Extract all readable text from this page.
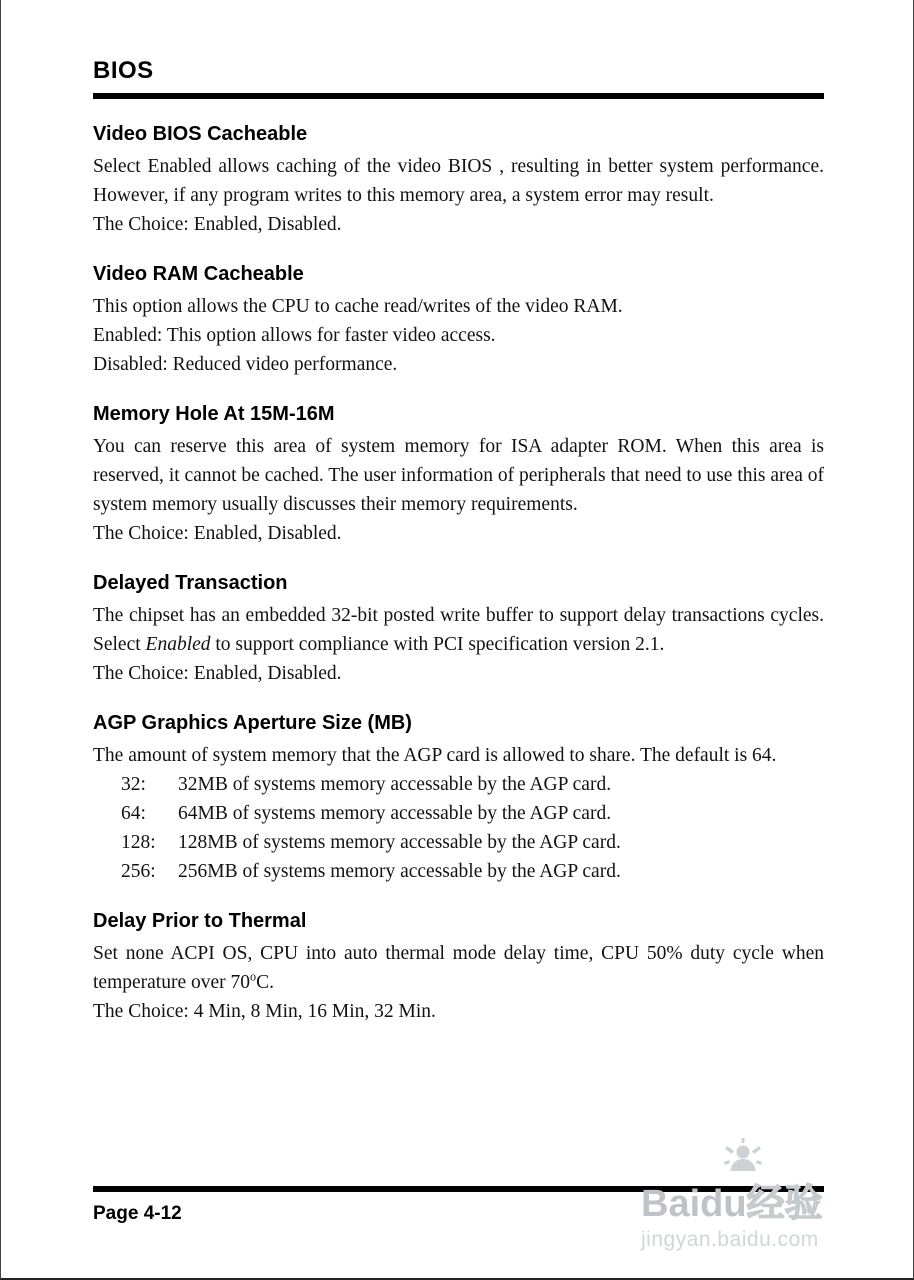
BIOS
Video BIOS Cacheable

Select Enabled allows caching of the video BIOS , resulting in better system performance. However, if any program writes to this memory area, a system error may result.

The Choice: Enabled, Disabled.

Video RAM Cacheable

This option allows the CPU to cache read/writes of the video RAM.

Enabled: This option allows for faster video access.

Disabled: Reduced video performance.

Memory Hole At 15M-16M

You can reserve this area of system memory for ISA adapter ROM. When this area is reserved, it cannot be cached. The user information of peripherals that need to use this area of system memory usually discusses their memory requirements.

The Choice: Enabled, Disabled.

Delayed Transaction

The chipset has an embedded 32-bit posted write buffer to support delay transactions cycles. Select Enabled to support compliance with PCI specification version 2.1.

The Choice: Enabled, Disabled.

AGP Graphics Aperture Size (MB)

The amount of system memory that the AGP card is allowed to share. The default is 64.

32:	32MB of systems memory accessable by the AGP card.
64:	64MB of systems memory accessable by the AGP card.
128:	128MB of systems memory accessable by the AGP card.
256:	256MB of systems memory accessable by the AGP card.
Delay Prior to Thermal

Set none ACPI OS, CPU into auto thermal mode delay time, CPU 50% duty cycle when temperature over 70$^o$C.

The Choice: 4 Min, 8 Min, 16 Min, 32 Min.

Page 4-12	Baidu经验
jingyan.baidu.com
